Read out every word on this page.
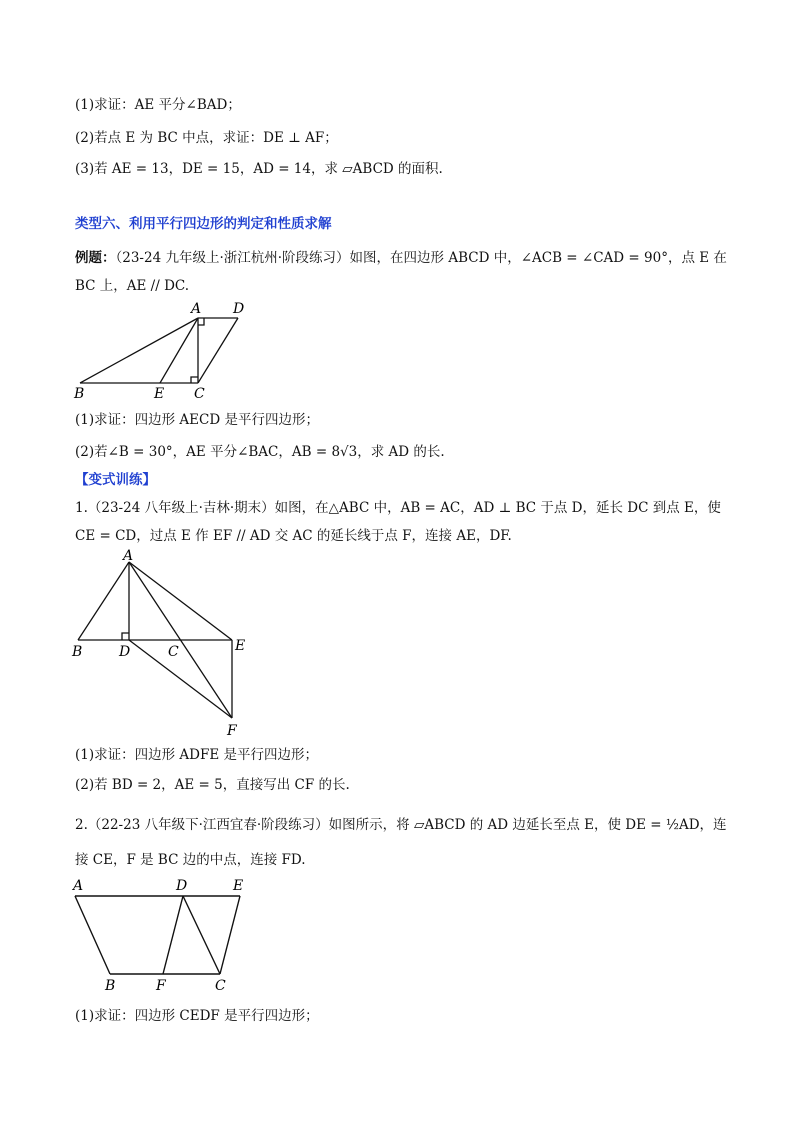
(1)求证：AE 平分∠BAD；
(2)若点 E 为 BC 中点，求证：DE ⊥ AF；
(3)若 AE = 13，DE = 15，AD = 14，求 ▱ABCD 的面积.
类型六、利用平行四边形的判定和性质求解
例题：（23-24 九年级上·浙江杭州·阶段练习）如图，在四边形 ABCD 中，∠ACB = ∠CAD = 90°，点 E 在
BC 上，AE // DC.
A D
B	E C
(1)求证：四边形 AECD 是平行四边形；
(2)若∠B = 30°，AE 平分∠BAC，AB = 8√3，求 AD 的长.
【变式训练】
1.（23-24 八年级上·吉林·期末）如图，在△ABC 中，AB = AC，AD ⊥ BC 于点 D，延长 DC 到点 E，使
CE = CD，过点 E 作 EF // AD 交 AC 的延长线于点 F，连接 AE，DF.
A
B	D	C	E
F
(1)求证：四边形 ADFE 是平行四边形；
(2)若 BD = 2，AE = 5，直接写出 CF 的长.
2.（22-23 八年级下·江西宜春·阶段练习）如图所示，将 ▱ABCD 的 AD 边延长至点 E，使 DE = ½AD，连
接 CE，F 是 BC 边的中点，连接 FD.
A	D	E
B	F	C
(1)求证：四边形 CEDF 是平行四边形；
